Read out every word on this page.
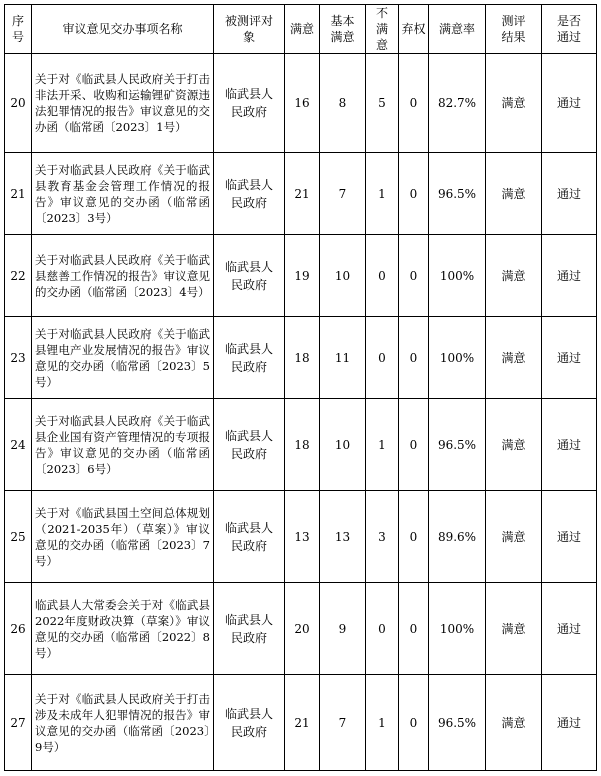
序号	审议意见交办事项名称	被测评对象	满意	基本满意	不满意	弃权	满意率	测评结果	是否通过
20	关于对《临武县人民政府关于打击非法开采、收购和运输锂矿资源违法犯罪情况的报告》审议意见的交办函（临常函〔2023〕1号）	临武县人民政府	16	8	5	0	82.7%	满意	通过
21	关于对临武县人民政府《关于临武县教育基金会管理工作情况的报告》审议意见的交办函（临常函〔2023〕3号）	临武县人民政府	21	7	1	0	96.5%	满意	通过
22	关于对临武县人民政府《关于临武县慈善工作情况的报告》审议意见的交办函（临常函〔2023〕4号）	临武县人民政府	19	10	0	0	100%	满意	通过
23	关于对临武县人民政府《关于临武县锂电产业发展情况的报告》审议意见的交办函（临常函〔2023〕5号）	临武县人民政府	18	11	0	0	100%	满意	通过
24	关于对临武县人民政府《关于临武县企业国有资产管理情况的专项报告》审议意见的交办函（临常函〔2023〕6号）	临武县人民政府	18	10	1	0	96.5%	满意	通过
25	关于对《临武县国土空间总体规划（2021-2035年）（草案）》审议意见的交办函（临常函〔2023〕7号）	临武县人民政府	13	13	3	0	89.6%	满意	通过
26	临武县人大常委会关于对《临武县2022年度财政决算（草案）》审议意见的交办函（临常函〔2022〕8号）	临武县人民政府	20	9	0	0	100%	满意	通过
27	关于对《临武县人民政府关于打击涉及未成年人犯罪情况的报告》审议意见的交办函（临常函〔2023〕9号）	临武县人民政府	21	7	1	0	96.5%	满意	通过
